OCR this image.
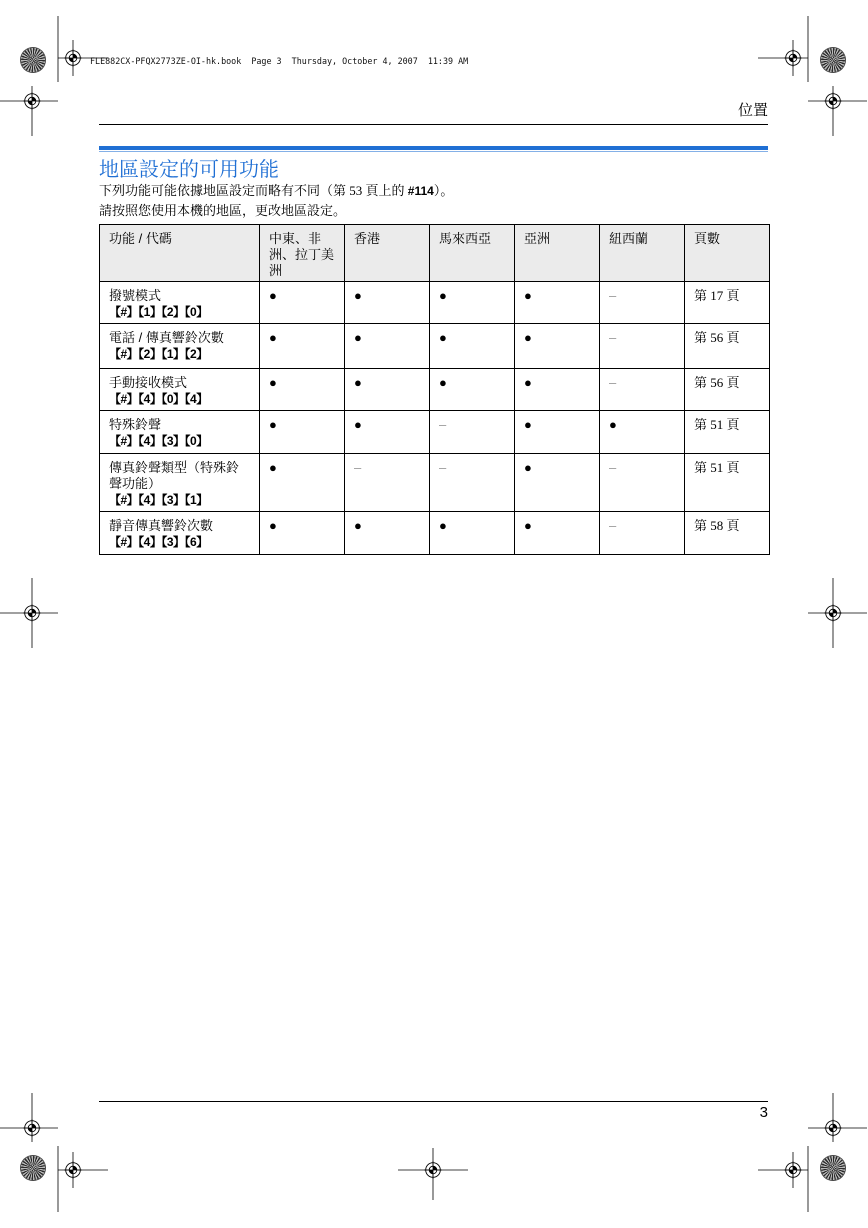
FLE882CX-PFQX2773ZE-OI-hk.book  Page 3  Thursday, October 4, 2007  11:39 AM
位置
地區設定的可用功能
下列功能可能依據地區設定而略有不同（第 53 頁上的 #114）。
請按照您使用本機的地區，更改地區設定。
功能 / 代碼	中東、非洲、拉丁美洲	香港	馬來西亞	亞洲	紐西蘭	頁數

撥號模式
【#】【1】【2】【0】	●	●	●	●	–	第 17 頁

電話 / 傳真響鈴次數
【#】【2】【1】【2】	●	●	●	●	–	第 56 頁

手動接收模式
【#】【4】【0】【4】	●	●	●	●	–	第 56 頁

特殊鈴聲
【#】【4】【3】【0】	●	●	–	●	●	第 51 頁

傳真鈴聲類型（特殊鈴聲功能）
【#】【4】【3】【1】	●	–	–	●	–	第 51 頁

靜音傳真響鈴次數
【#】【4】【3】【6】	●	●	●	●	–	第 58 頁
3
